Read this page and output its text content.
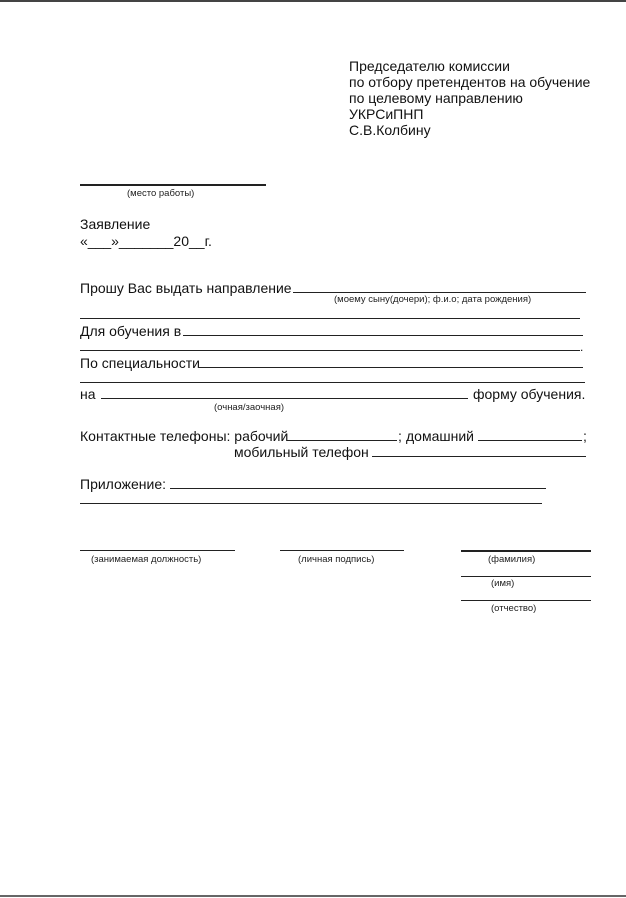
Председателю комиссии
по отбору претендентов на обучение
по целевому направлению
УКРСиПНП
С.В.Колбину
(место работы)
Заявление
«___»_______20__г.
Прошу Вас выдать направление
(моему сыну(дочери); ф.и.о; дата рождения)
Для обучения в
.
По специальности
на	форму обучения.
(очная/заочная)
Контактные телефоны: рабочий	; домашний	;
мобильный телефон
Приложение:
(занимаемая должность)	(личная подпись)	(фамилия)
(имя)
(отчество)
